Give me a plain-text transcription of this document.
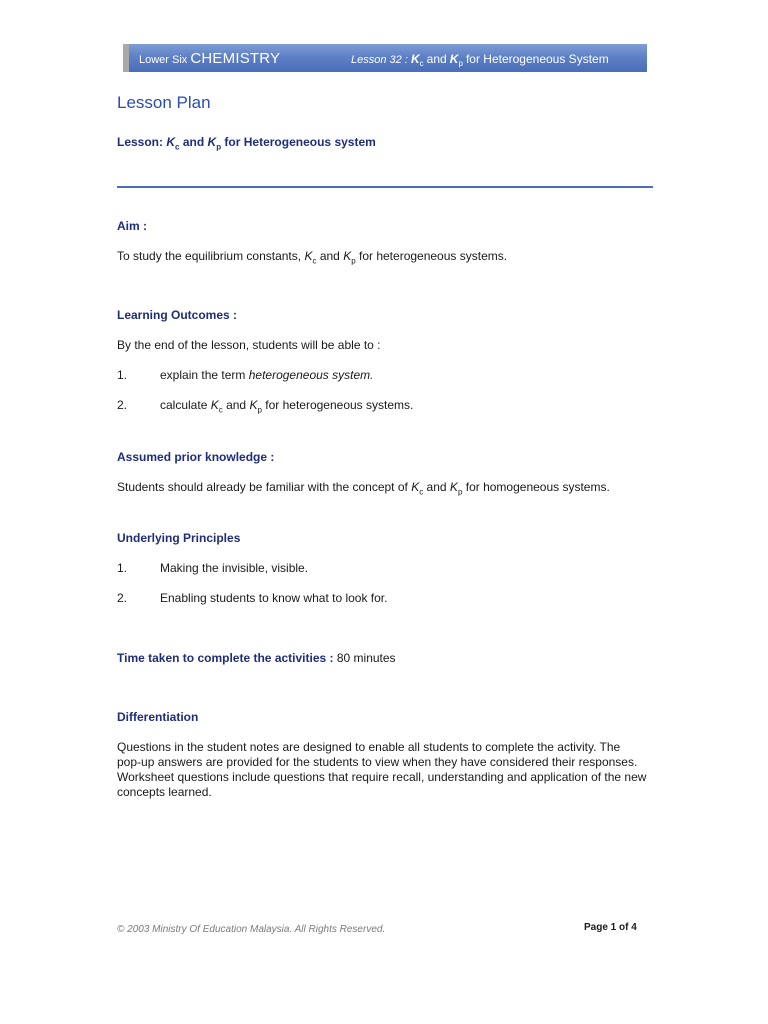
Lower Six CHEMISTRY	Lesson 32 : $K_c$ and $K_p$ for Heterogeneous System
Lesson Plan
Lesson: $K_c$ and $K_p$ for Heterogeneous system
Aim :
To study the equilibrium constants, $K_c$ and $K_p$ for heterogeneous systems.
Learning Outcomes :
By the end of the lesson, students will be able to :
1.	explain the term heterogeneous system.
2.	calculate $K_c$ and $K_p$ for heterogeneous systems.
Assumed prior knowledge :
Students should already be familiar with the concept of $K_c$ and $K_p$ for homogeneous systems.
Underlying Principles
1.	Making the invisible, visible.
2.	Enabling students to know what to look for.
Time taken to complete the activities : 80 minutes
Differentiation
Questions in the student notes are designed to enable all students to complete the activity. The pop-up answers are provided for the students to view when they have considered their responses. Worksheet questions include questions that require recall, understanding and application of the new concepts learned.
© 2003 Ministry Of Education Malaysia. All Rights Reserved.	Page 1 of 4
